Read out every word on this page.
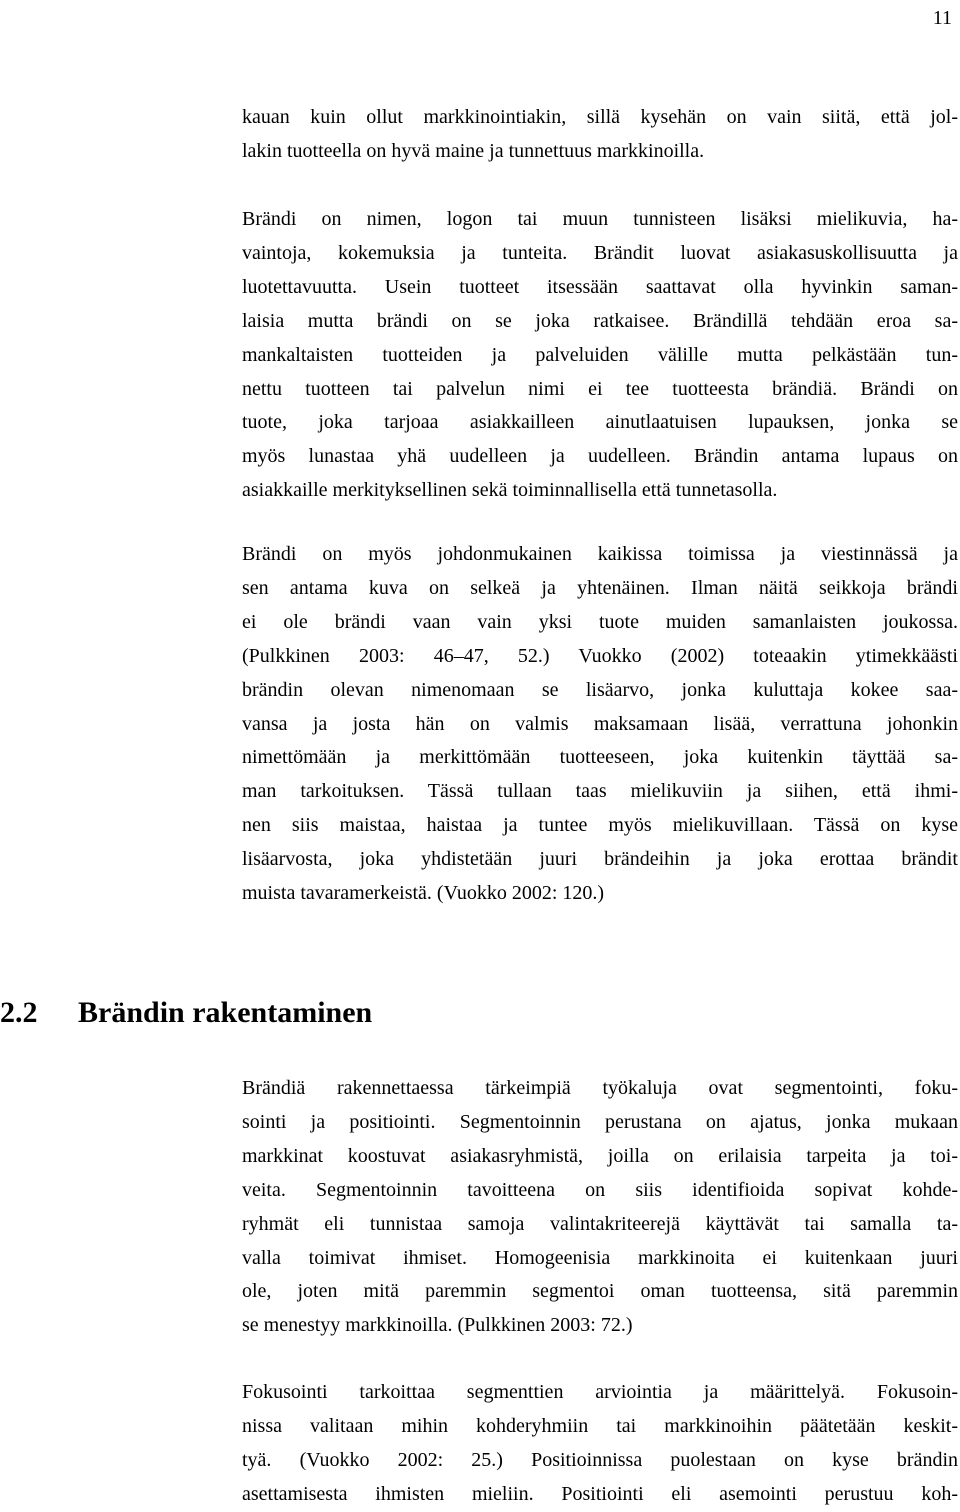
11

kauan kuin ollut markkinointiakin, sillä kysehän on vain siitä, että jol-
lakin tuotteella on hyvä maine ja tunnettuus markkinoilla.

Brändi on nimen, logon tai muun tunnisteen lisäksi mielikuvia, ha-
vaintoja, kokemuksia ja tunteita. Brändit luovat asiakasuskollisuutta ja
luotettavuutta. Usein tuotteet itsessään saattavat olla hyvinkin saman-
laisia mutta brändi on se joka ratkaisee. Brändillä tehdään eroa sa-
mankaltaisten tuotteiden ja palveluiden välille mutta pelkästään tun-
nettu tuotteen tai palvelun nimi ei tee tuotteesta brändiä. Brändi on
tuote, joka tarjoaa asiakkailleen ainutlaatuisen lupauksen, jonka se
myös lunastaa yhä uudelleen ja uudelleen. Brändin antama lupaus on
asiakkaille merkityksellinen sekä toiminnallisella että tunnetasolla.

Brändi on myös johdonmukainen kaikissa toimissa ja viestinnässä ja
sen antama kuva on selkeä ja yhtenäinen. Ilman näitä seikkoja brändi
ei ole brändi vaan vain yksi tuote muiden samanlaisten joukossa.
(Pulkkinen 2003: 46–47, 52.) Vuokko (2002) toteaakin ytimekkäästi
brändin olevan nimenomaan se lisäarvo, jonka kuluttaja kokee saa-
vansa ja josta hän on valmis maksamaan lisää, verrattuna johonkin
nimettömään ja merkittömään tuotteeseen, joka kuitenkin täyttää sa-
man tarkoituksen. Tässä tullaan taas mielikuviin ja siihen, että ihmi-
nen siis maistaa, haistaa ja tuntee myös mielikuvillaan. Tässä on kyse
lisäarvosta, joka yhdistetään juuri brändeihin ja joka erottaa brändit
muista tavaramerkeistä. (Vuokko 2002: 120.)

2.2 Brändin rakentaminen

Brändiä rakennettaessa tärkeimpiä työkaluja ovat segmentointi, foku-
sointi ja positiointi. Segmentoinnin perustana on ajatus, jonka mukaan
markkinat koostuvat asiakasryhmistä, joilla on erilaisia tarpeita ja toi-
veita. Segmentoinnin tavoitteena on siis identifioida sopivat kohde-
ryhmät eli tunnistaa samoja valintakriteerejä käyttävät tai samalla ta-
valla toimivat ihmiset. Homogeenisia markkinoita ei kuitenkaan juuri
ole, joten mitä paremmin segmentoi oman tuotteensa, sitä paremmin
se menestyy markkinoilla. (Pulkkinen 2003: 72.)

Fokusointi tarkoittaa segmenttien arviointia ja määrittelyä. Fokusoin-
nissa valitaan mihin kohderyhmiin tai markkinoihin päätetään keskit-
tyä. (Vuokko 2002: 25.) Positioinnissa puolestaan on kyse brändin
asettamisesta ihmisten mieliin. Positiointi eli asemointi perustuu koh-
